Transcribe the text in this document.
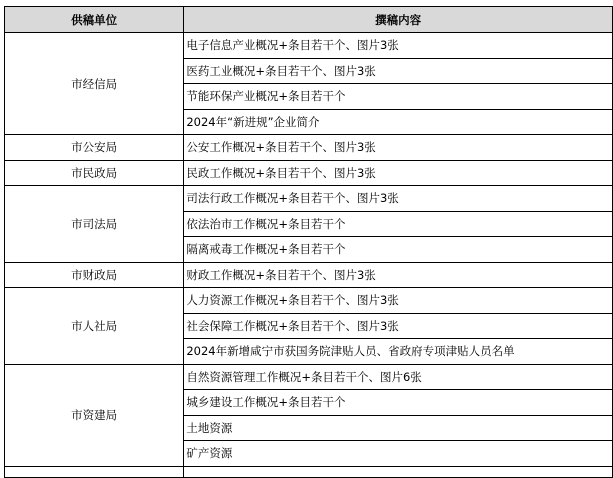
供稿单位	撰稿内容
市经信局	电子信息产业概况+条目若干个、图片3张
	医药工业概况+条目若干个、图片3张
	节能环保产业概况+条目若干个
	2024年“新进规”企业简介
市公安局	公安工作概况+条目若干个、图片3张
市民政局	民政工作概况+条目若干个、图片3张
市司法局	司法行政工作概况+条目若干个、图片3张
	依法治市工作概况+条目若干个
	隔离戒毒工作概况+条目若干个
市财政局	财政工作概况+条目若干个、图片3张
市人社局	人力资源工作概况+条目若干个、图片3张
	社会保障工作概况+条目若干个、图片3张
	2024年新增咸宁市获国务院津贴人员、省政府专项津贴人员名单
市资建局	自然资源管理工作概况+条目若干个、图片6张
	城乡建设工作概况+条目若干个
	土地资源
	矿产资源
